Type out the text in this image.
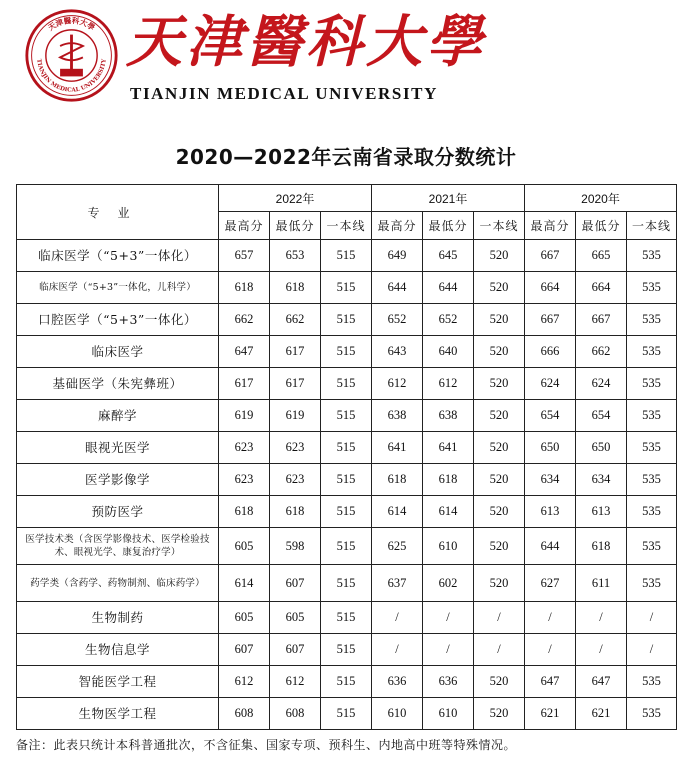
天津醫科大學
TIANJIN MEDICAL UNIVERSITY
1951 天津醫科大學
TIANJIN MEDICAL UNIVERSITY
2020—2022年云南省录取分数统计
专业	2022年			2021年			2020年		
	最高分	最低分	一本线	最高分	最低分	一本线	最高分	最低分	一本线
临床医学（“5+3”一体化）	657	653	515	649	645	520	667	665	535
临床医学（“5+3”一体化，儿科学）	618	618	515	644	644	520	664	664	535
口腔医学（“5+3”一体化）	662	662	515	652	652	520	667	667	535
临床医学	647	617	515	643	640	520	666	662	535
基础医学（朱宪彝班）	617	617	515	612	612	520	624	624	535
麻醉学	619	619	515	638	638	520	654	654	535
眼视光医学	623	623	515	641	641	520	650	650	535
医学影像学	623	623	515	618	618	520	634	634	535
预防医学	618	618	515	614	614	520	613	613	535
医学技术类（含医学影像技术、医学检验技术、眼视光学、康复治疗学）	605	598	515	625	610	520	644	618	535
药学类（含药学、药物制剂、临床药学）	614	607	515	637	602	520	627	611	535
生物制药	605	605	515	/	/	/	/	/	/
生物信息学	607	607	515	/	/	/	/	/	/
智能医学工程	612	612	515	636	636	520	647	647	535
生物医学工程	608	608	515	610	610	520	621	621	535
备注：此表只统计本科普通批次，不含征集、国家专项、预科生、内地高中班等特殊情况。
